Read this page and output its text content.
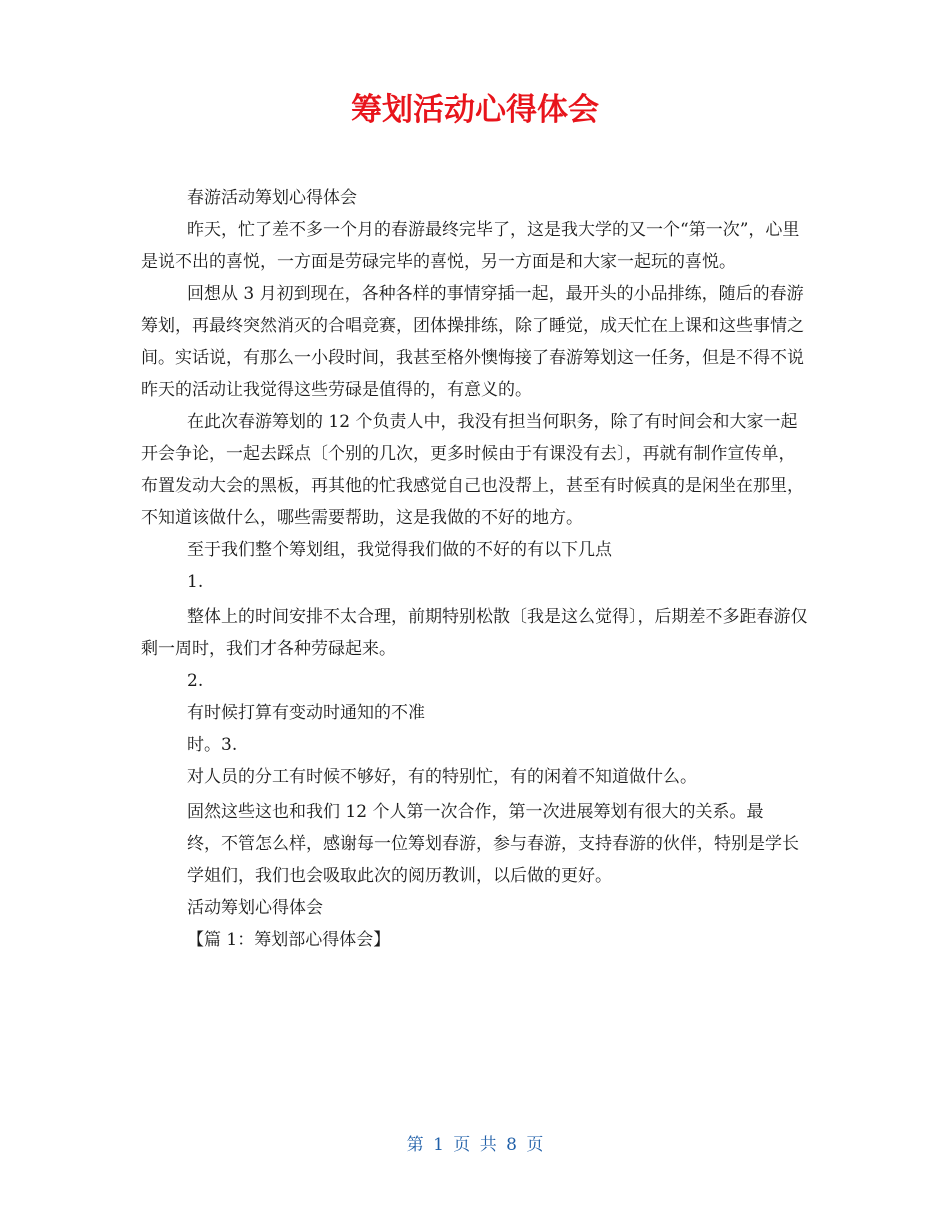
筹划活动心得体会

春游活动筹划心得体会

昨天，忙了差不多一个月的春游最终完毕了，这是我大学的又一个“第一次”，心里是说不出的喜悦，一方面是劳碌完毕的喜悦，另一方面是和大家一起玩的喜悦。

回想从 3 月初到现在，各种各样的事情穿插一起，最开头的小品排练，随后的春游筹划，再最终突然消灭的合唱竞赛，团体操排练，除了睡觉，成天忙在上课和这些事情之间。实话说，有那么一小段时间，我甚至格外懊悔接了春游筹划这一任务，但是不得不说昨天的活动让我觉得这些劳碌是值得的，有意义的。

在此次春游筹划的 12 个负责人中，我没有担当何职务，除了有时间会和大家一起开会争论，一起去踩点〔个别的几次，更多时候由于有课没有去〕，再就有制作宣传单，布置发动大会的黑板，再其他的忙我感觉自己也没帮上，甚至有时候真的是闲坐在那里，不知道该做什么，哪些需要帮助，这是我做的不好的地方。

至于我们整个筹划组，我觉得我们做的不好的有以下几点

1.

整体上的时间安排不太合理，前期特别松散〔我是这么觉得〕，后期差不多距春游仅剩一周时，我们才各种劳碌起来。

2.

有时候打算有变动时通知的不准

时。3.

对人员的分工有时候不够好，有的特别忙，有的闲着不知道做什么。

固然这些这也和我们 12 个人第一次合作，第一次进展筹划有很大的关系。最

终，不管怎么样，感谢每一位筹划春游，参与春游，支持春游的伙伴，特别是学长学姐们，我们也会吸取此次的阅历教训，以后做的更好。

活动筹划心得体会

【篇 1：筹划部心得体会】

第 1 页 共 8 页
